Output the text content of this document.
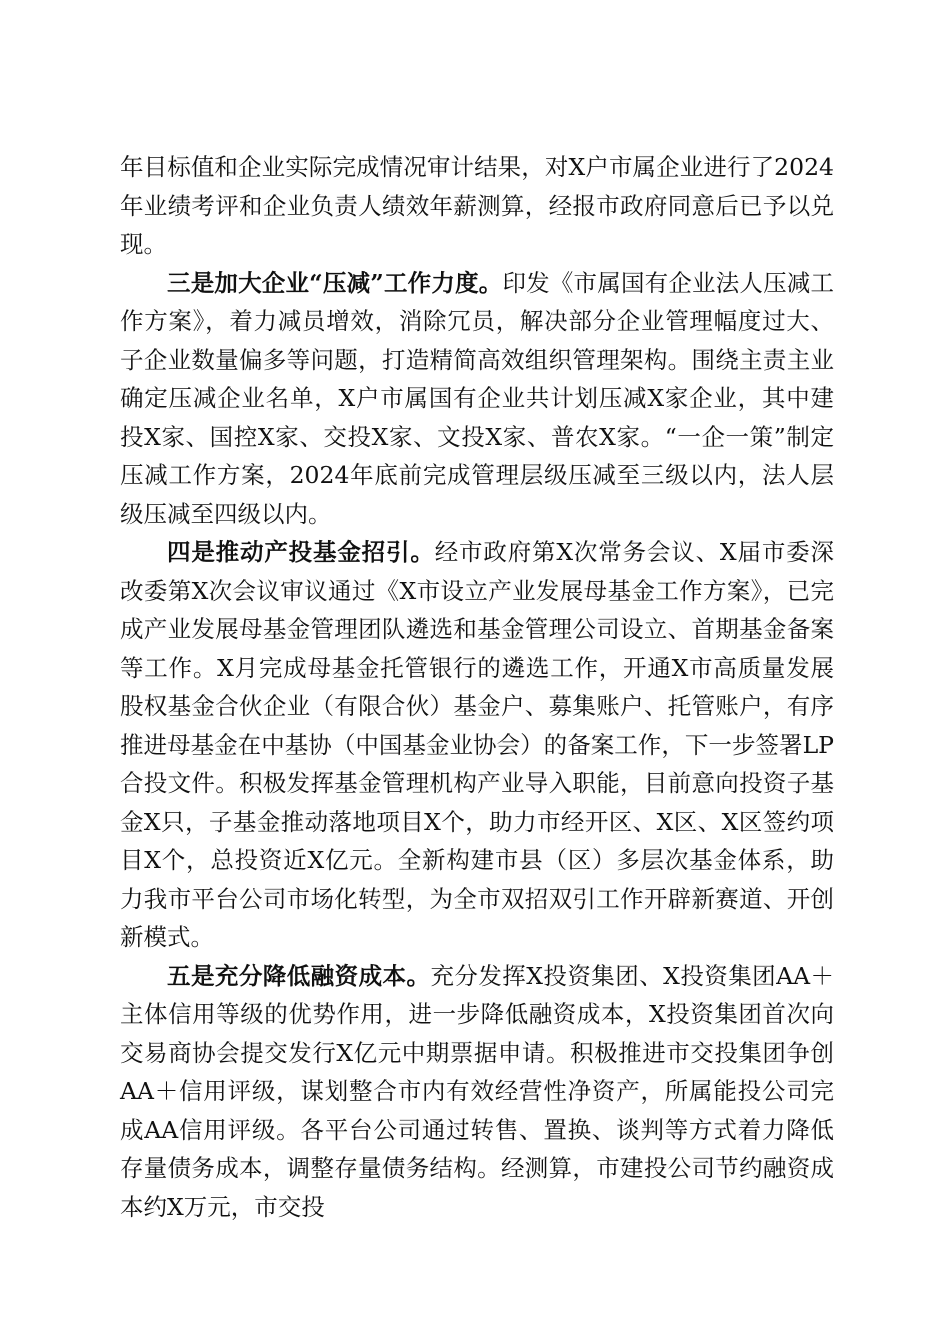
年目标值和企业实际完成情况审计结果，对X户市属企业进行了2024年业绩考评和企业负责人绩效年薪测算，经报市政府同意后已予以兑现。

三是加大企业“压减”工作力度。印发《市属国有企业法人压减工作方案》，着力减员增效，消除冗员，解决部分企业管理幅度过大、子企业数量偏多等问题，打造精简高效组织管理架构。围绕主责主业确定压减企业名单，X户市属国有企业共计划压减X家企业，其中建投X家、国控X家、交投X家、文投X家、普农X家。“一企一策”制定压减工作方案，2024年底前完成管理层级压减至三级以内，法人层级压减至四级以内。

四是推动产投基金招引。经市政府第X次常务会议、X届市委深改委第X次会议审议通过《X市设立产业发展母基金工作方案》，已完成产业发展母基金管理团队遴选和基金管理公司设立、首期基金备案等工作。X月完成母基金托管银行的遴选工作，开通X市高质量发展股权基金合伙企业（有限合伙）基金户、募集账户、托管账户，有序推进母基金在中基协（中国基金业协会）的备案工作，下一步签署LP合投文件。积极发挥基金管理机构产业导入职能，目前意向投资子基金X只，子基金推动落地项目X个，助力市经开区、X区、X区签约项目X个，总投资近X亿元。全新构建市县（区）多层次基金体系，助力我市平台公司市场化转型，为全市双招双引工作开辟新赛道、开创新模式。

五是充分降低融资成本。充分发挥X投资集团、X投资集团AA＋主体信用等级的优势作用，进一步降低融资成本，X投资集团首次向交易商协会提交发行X亿元中期票据申请。积极推进市交投集团争创AA＋信用评级，谋划整合市内有效经营性净资产，所属能投公司完成AA信用评级。各平台公司通过转售、置换、谈判等方式着力降低存量债务成本，调整存量债务结构。经测算，市建投公司节约融资成本约X万元，市交投
